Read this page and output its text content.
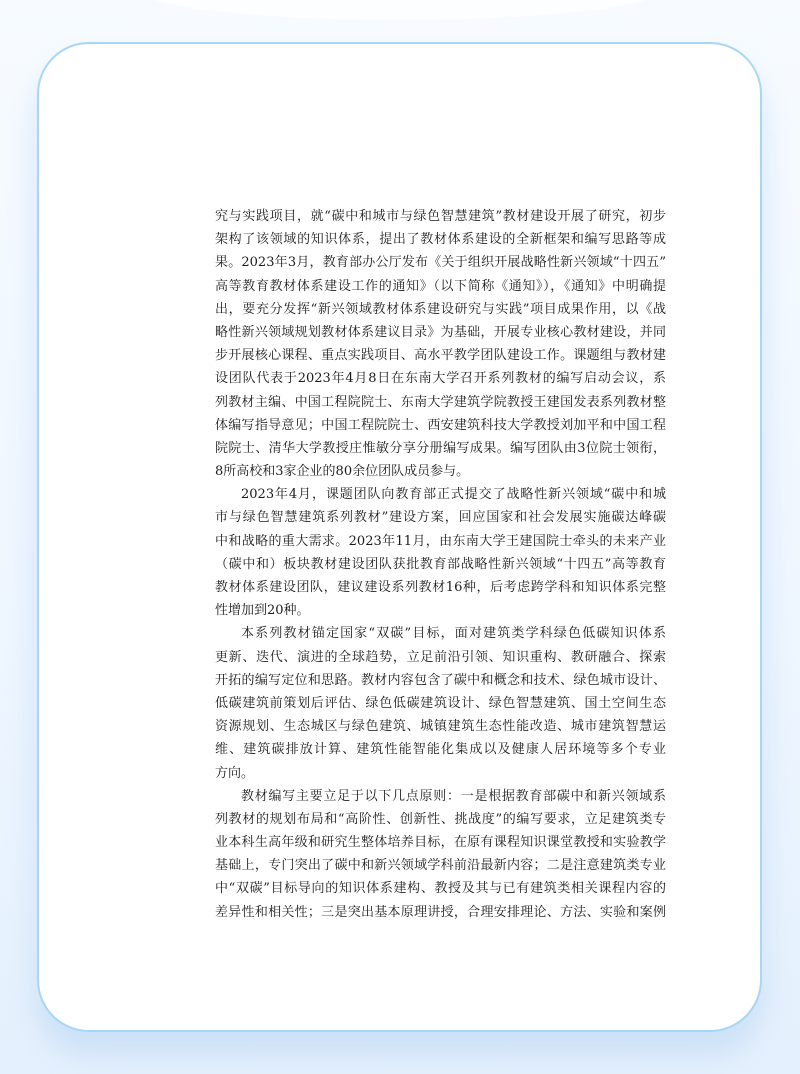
究与实践项目，就“碳中和城市与绿色智慧建筑”教材建设开展了研究，初步
架构了该领域的知识体系，提出了教材体系建设的全新框架和编写思路等成
果。2023年3月，教育部办公厅发布《关于组织开展战略性新兴领域“十四五”
高等教育教材体系建设工作的通知》（以下简称《通知》），《通知》中明确提
出，要充分发挥“新兴领域教材体系建设研究与实践”项目成果作用，以《战
略性新兴领域规划教材体系建议目录》为基础，开展专业核心教材建设，并同
步开展核心课程、重点实践项目、高水平教学团队建设工作。课题组与教材建
设团队代表于2023年4月8日在东南大学召开系列教材的编写启动会议，系
列教材主编、中国工程院院士、东南大学建筑学院教授王建国发表系列教材整
体编写指导意见；中国工程院院士、西安建筑科技大学教授刘加平和中国工程
院院士、清华大学教授庄惟敏分享分册编写成果。编写团队由3位院士领衔，
8所高校和3家企业的80余位团队成员参与。
2023年4月，课题团队向教育部正式提交了战略性新兴领域“碳中和城
市与绿色智慧建筑系列教材”建设方案，回应国家和社会发展实施碳达峰碳
中和战略的重大需求。2023年11月，由东南大学王建国院士牵头的未来产业
（碳中和）板块教材建设团队获批教育部战略性新兴领域“十四五”高等教育
教材体系建设团队，建议建设系列教材16种，后考虑跨学科和知识体系完整
性增加到20种。
本系列教材锚定国家“双碳”目标，面对建筑类学科绿色低碳知识体系
更新、迭代、演进的全球趋势，立足前沿引领、知识重构、教研融合、探索
开拓的编写定位和思路。教材内容包含了碳中和概念和技术、绿色城市设计、
低碳建筑前策划后评估、绿色低碳建筑设计、绿色智慧建筑、国土空间生态
资源规划、生态城区与绿色建筑、城镇建筑生态性能改造、城市建筑智慧运
维、建筑碳排放计算、建筑性能智能化集成以及健康人居环境等多个专业
方向。
教材编写主要立足于以下几点原则：一是根据教育部碳中和新兴领域系
列教材的规划布局和“高阶性、创新性、挑战度”的编写要求，立足建筑类专
业本科生高年级和研究生整体培养目标，在原有课程知识课堂教授和实验教学
基础上，专门突出了碳中和新兴领域学科前沿最新内容；二是注意建筑类专业
中“双碳”目标导向的知识体系建构、教授及其与已有建筑类相关课程内容的
差异性和相关性；三是突出基本原理讲授，合理安排理论、方法、实验和案例
